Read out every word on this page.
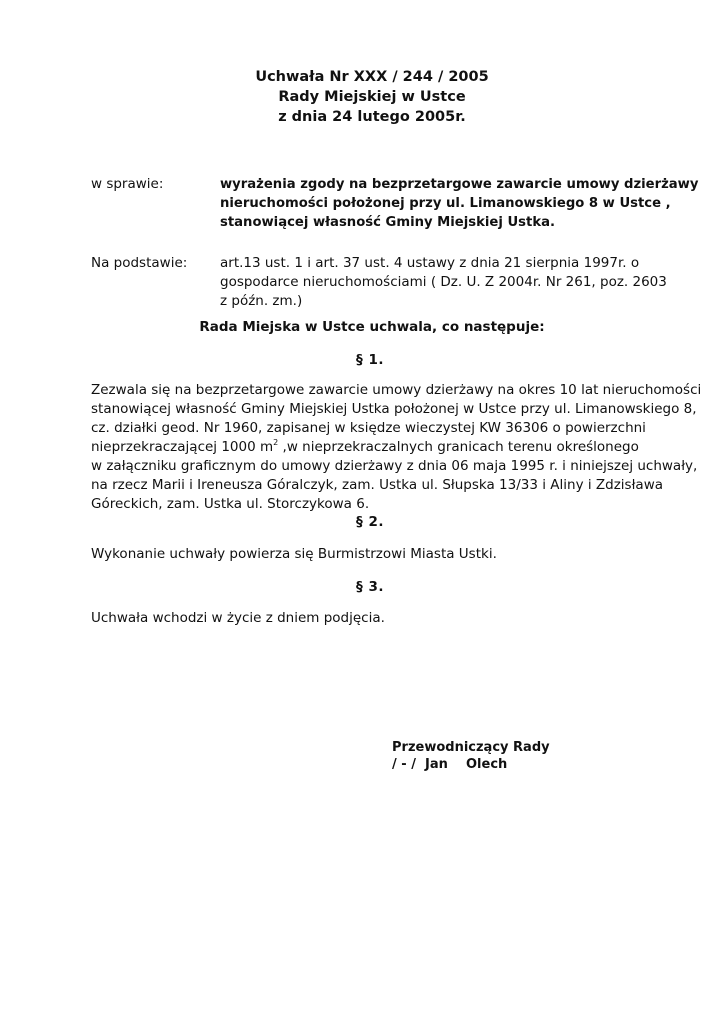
Uchwała Nr XXX / 244 / 2005
Rady Miejskiej w Ustce
z dnia 24 lutego 2005r.
w sprawie:	wyrażenia zgody na bezprzetargowe zawarcie umowy dzierżawy
nieruchomości położonej przy ul. Limanowskiego 8 w Ustce ,
stanowiącej własność Gminy Miejskiej Ustka.
Na podstawie: art.13 ust. 1 i art. 37 ust. 4 ustawy z dnia 21 sierpnia 1997r. o
gospodarce nieruchomościami ( Dz. U. Z 2004r. Nr 261, poz. 2603
z późn. zm.)
Rada Miejska w Ustce uchwala, co następuje:
§ 1.
Zezwala się na bezprzetargowe zawarcie umowy dzierżawy na okres 10 lat nieruchomości
stanowiącej własność Gminy Miejskiej Ustka położonej w Ustce przy ul. Limanowskiego 8,
cz. działki geod. Nr 1960, zapisanej w księdze wieczystej KW 36306 o powierzchni
nieprzekraczającej 1000 $m^2$ ,w nieprzekraczalnych granicach terenu określonego
w załączniku graficznym do umowy dzierżawy z dnia 06 maja 1995 r. i niniejszej uchwały,
na rzecz Marii i Ireneusza Góralczyk, zam. Ustka ul. Słupska 13/33 i Aliny i Zdzisława
Góreckich, zam. Ustka ul. Storczykowa 6.
§ 2.
Wykonanie uchwały powierza się Burmistrzowi Miasta Ustki.
§ 3.
Uchwała wchodzi w życie z dniem podjęcia.
Przewodniczący Rady
/ - / Jan Olech
